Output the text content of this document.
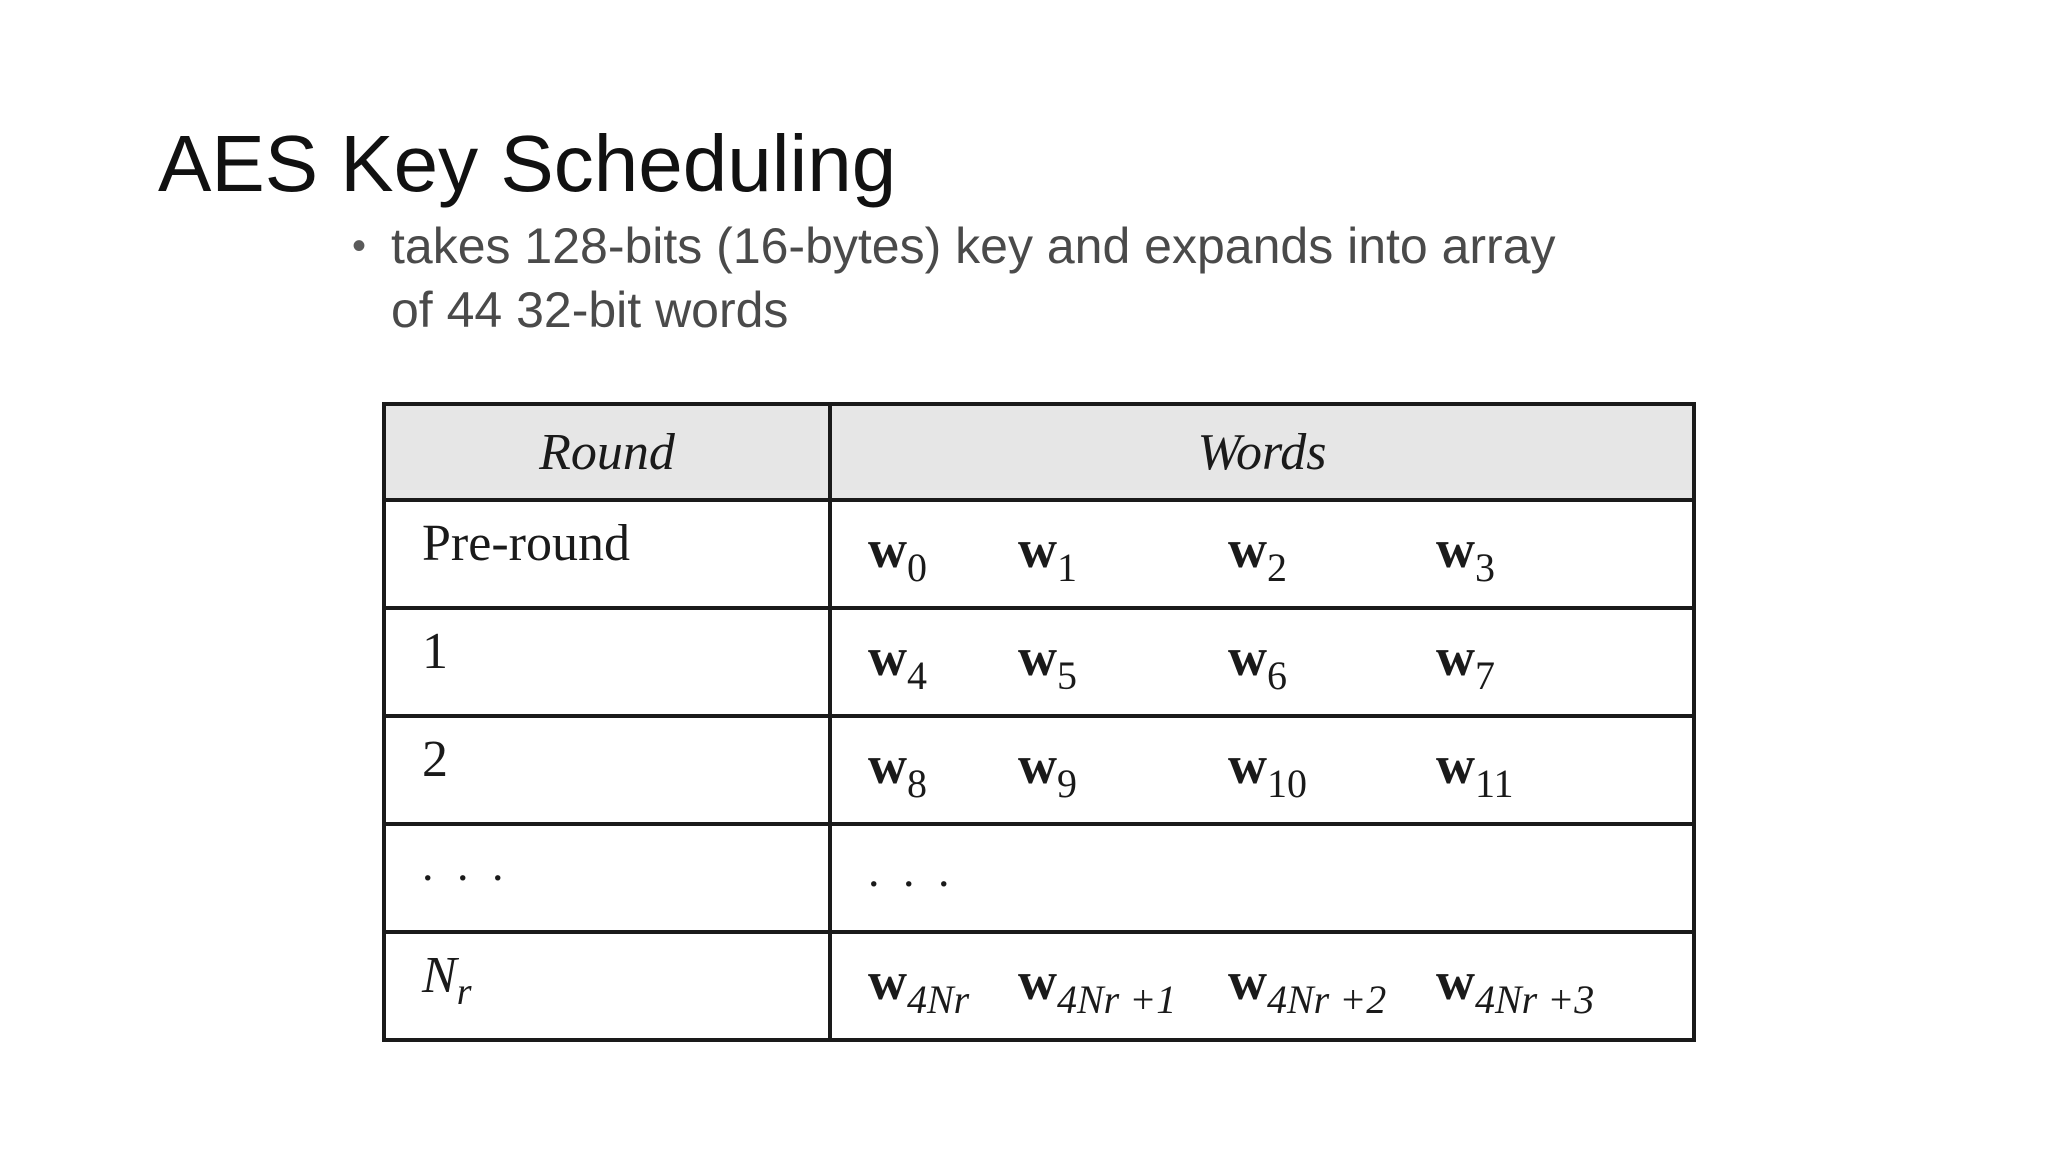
AES Key Scheduling
• takes 128-bits (16-bytes) key and expands into array
of 44 32-bit words
Round	Words
Pre-round	$w_0$ $w_1$ $w_2$ $w_3$

1	$w_4$ $w_5$ $w_6$ $w_7$

2	$w_8$ $w_9$ $w_{10}$ $w_{11}$

. . .	. . .

$N_r$	$w_{4Nr}$ $w_{4Nr +1}$ $w_{4Nr +2}$ $w_{4Nr +3}$
